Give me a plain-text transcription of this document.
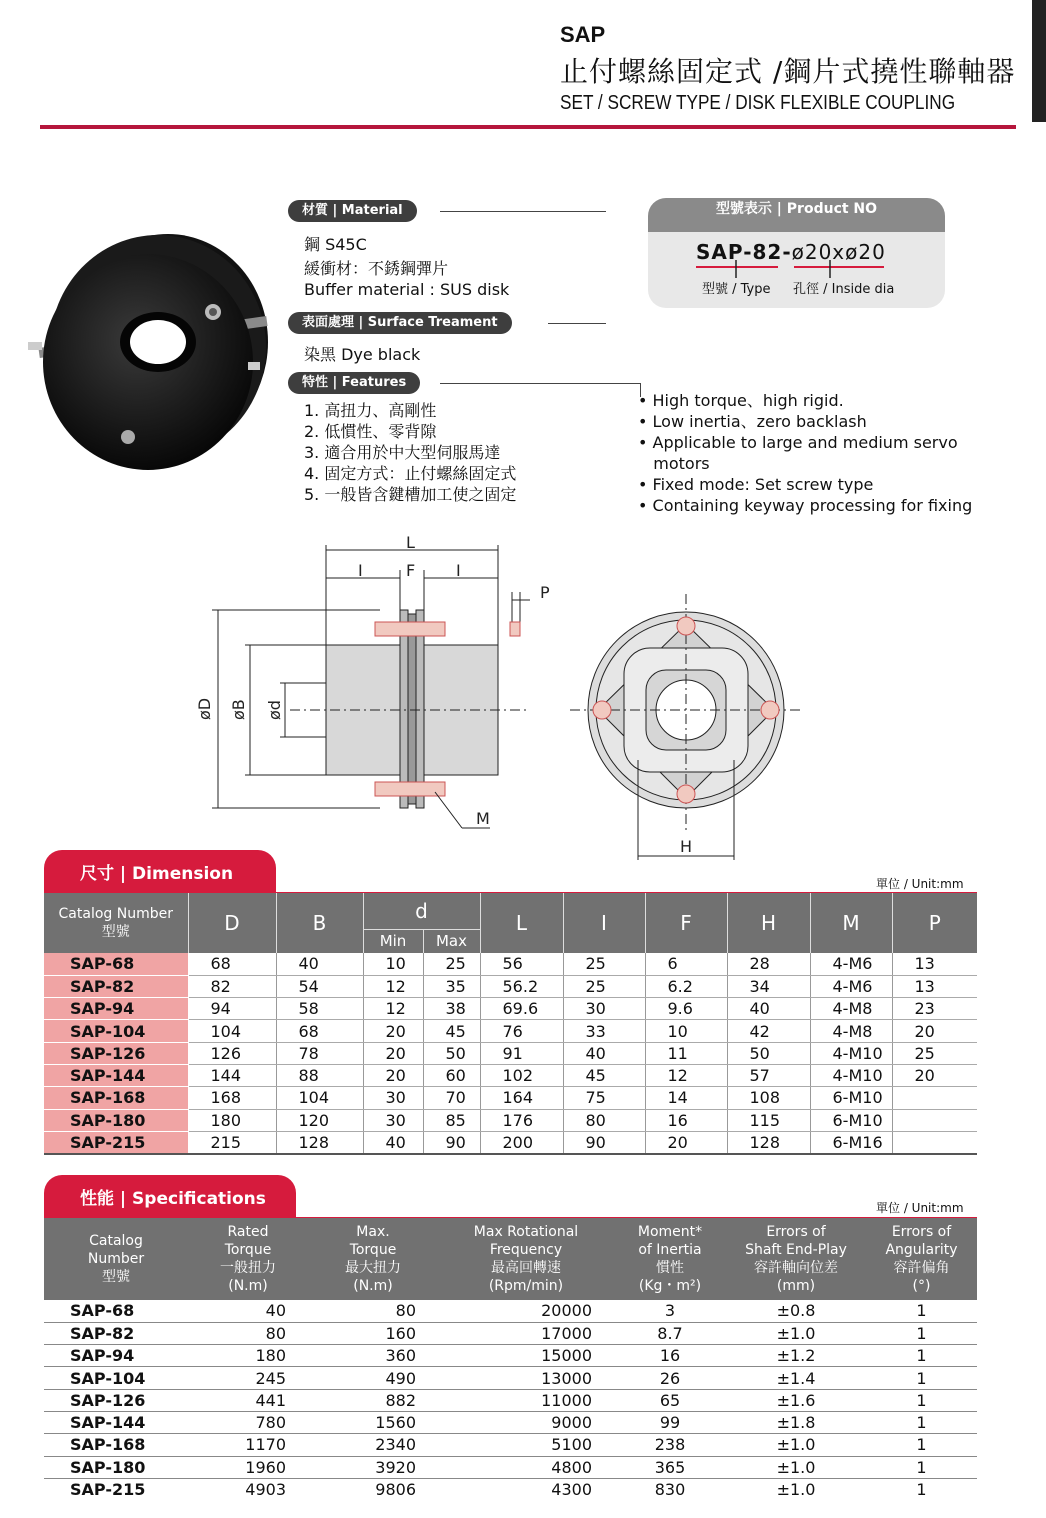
SAP
止付螺絲固定式 /鋼片式撓性聯軸器
SET / SCREW TYPE / DISK FLEXIBLE COUPLING
材質 | Material
鋼 S45C
緩衝材：不銹鋼彈片
Buffer material : SUS disk
表面處理 | Surface Treament
染黑 Dye black
特性 | Features
1. 高扭力、高剛性
2. 低慣性、零背隙
3. 適合用於中大型伺服馬達
4. 固定方式：止付螺絲固定式
5. 一般皆含鍵槽加工使之固定
• High torque、high rigid.
• Low inertia、zero backlash
• Applicable to large and medium servo
motors
• Fixed mode: Set screw type
• Containing keyway processing for fixing
型號表示 | Product NO
SAP-82-ø20xø20
型號 / Type 孔徑 / Inside dia
L
I	F	I
P
øD øB ød
M
H
尺寸 | Dimension	單位 / Unit:mm
Catalog Number
型號	D	B	d		L	I	F	H	M	P
			Min	Max						
SAP-68	68	40	10	25	56	25	6	28	4-M6	13
SAP-82	82	54	12	35	56.2	25	6.2	34	4-M6	13
SAP-94	94	58	12	38	69.6	30	9.6	40	4-M8	23
SAP-104	104	68	20	45	76	33	10	42	4-M8	20
SAP-126	126	78	20	50	91	40	11	50	4-M10	25
SAP-144	144	88	20	60	102	45	12	57	4-M10	20
SAP-168	168	104	30	70	164	75	14	108	6-M10	
SAP-180	180	120	30	85	176	80	16	115	6-M10	
SAP-215	215	128	40	90	200	90	20	128	6-M16	
性能 | Specifications	單位 / Unit:mm
Catalog
Number
型號	Rated
Torque
一般扭力
(N.m)	Max.
Torque
最大扭力
(N.m)	Max Rotational
Frequency
最高回轉速
(Rpm/min)	Moment*
of Inertia
慣性
(Kg・m²)	Errors of
Shaft End-Play
容許軸向位差
(mm)	Errors of
Angularity
容許偏角
(°)
SAP-68	40	80	20000	3	±0.8	1
SAP-82	80	160	17000	8.7	±1.0	1
SAP-94	180	360	15000	16	±1.2	1
SAP-104	245	490	13000	26	±1.4	1
SAP-126	441	882	11000	65	±1.6	1
SAP-144	780	1560	9000	99	±1.8	1
SAP-168	1170	2340	5100	238	±1.0	1
SAP-180	1960	3920	4800	365	±1.0	1
SAP-215	4903	9806	4300	830	±1.0	1
